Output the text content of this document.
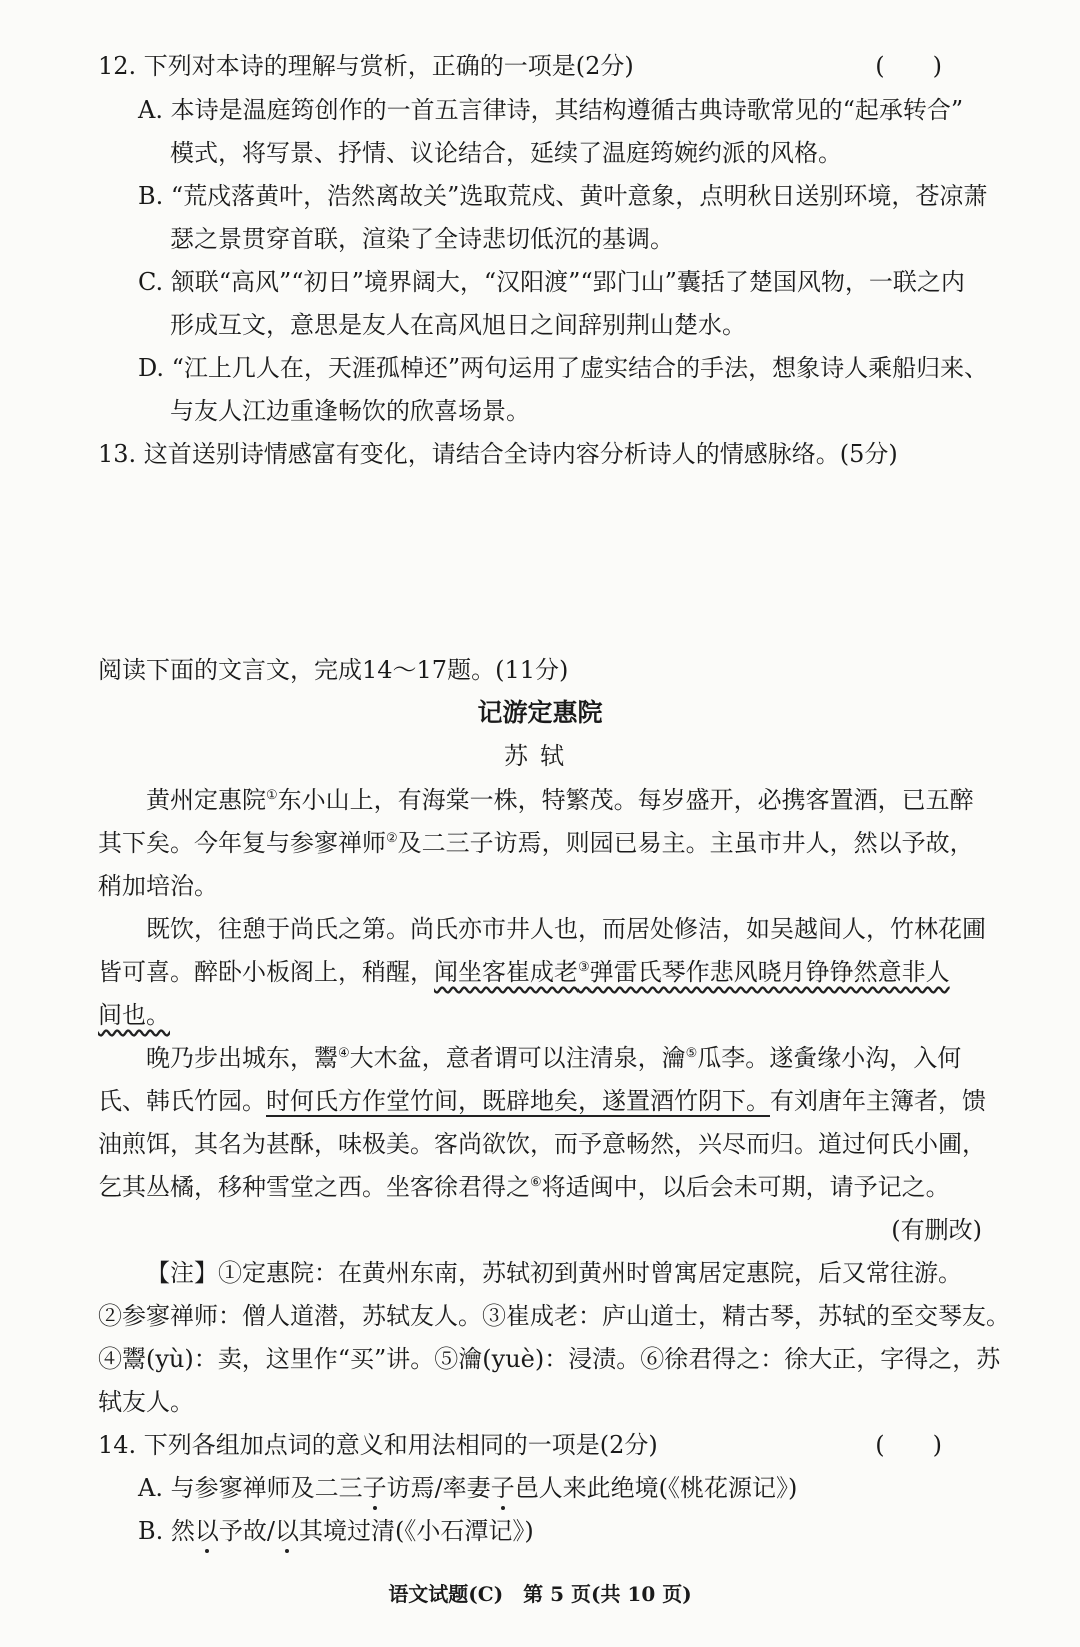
12. 下列对本诗的理解与赏析，正确的一项是(2分)	(　　)
A. 本诗是温庭筠创作的一首五言律诗，其结构遵循古典诗歌常见的“起承转合”
模式，将写景、抒情、议论结合，延续了温庭筠婉约派的风格。
B. “荒戍落黄叶，浩然离故关”选取荒戍、黄叶意象，点明秋日送别环境，苍凉萧
瑟之景贯穿首联，渲染了全诗悲切低沉的基调。
C. 颔联“高风”“初日”境界阔大，“汉阳渡”“郢门山”囊括了楚国风物，一联之内
形成互文，意思是友人在高风旭日之间辞别荆山楚水。
D. “江上几人在，天涯孤棹还”两句运用了虚实结合的手法，想象诗人乘船归来、
与友人江边重逢畅饮的欣喜场景。
13. 这首送别诗情感富有变化，请结合全诗内容分析诗人的情感脉络。(5分)
阅读下面的文言文，完成14～17题。(11分)
记游定惠院
苏轼
黄州定惠院①东小山上，有海棠一株，特繁茂。每岁盛开，必携客置酒，已五醉
其下矣。今年复与参寥禅师②及二三子访焉，则园已易主。主虽市井人，然以予故，
稍加培治。
既饮，往憩于尚氏之第。尚氏亦市井人也，而居处修洁，如吴越间人，竹林花圃
皆可喜。醉卧小板阁上，稍醒，闻坐客崔成老③弹雷氏琴作悲风晓月铮铮然意非人
间也。
晚乃步出城东，鬻④大木盆，意者谓可以注清泉，瀹⑤瓜李。遂夤缘小沟，入何
氏、韩氏竹园。时何氏方作堂竹间，既辟地矣，遂置酒竹阴下。有刘唐年主簿者，馈
油煎饵，其名为甚酥，味极美。客尚欲饮，而予意畅然，兴尽而归。道过何氏小圃，
乞其丛橘，移种雪堂之西。坐客徐君得之⑥将适闽中，以后会未可期，请予记之。
(有删改)
【注】①定惠院：在黄州东南，苏轼初到黄州时曾寓居定惠院，后又常往游。
②参寥禅师：僧人道潜，苏轼友人。③崔成老：庐山道士，精古琴，苏轼的至交琴友。
④鬻(yù)：卖，这里作“买”讲。⑤瀹(yuè)：浸渍。⑥徐君得之：徐大正，字得之，苏
轼友人。
14. 下列各组加点词的意义和用法相同的一项是(2分)	(　　)
A. 与参寥禅师及二三子访焉/率妻子邑人来此绝境(《桃花源记》)
B. 然以予故/以其境过清(《小石潭记》)
语文试题(C)　第 5 页(共 10 页)
